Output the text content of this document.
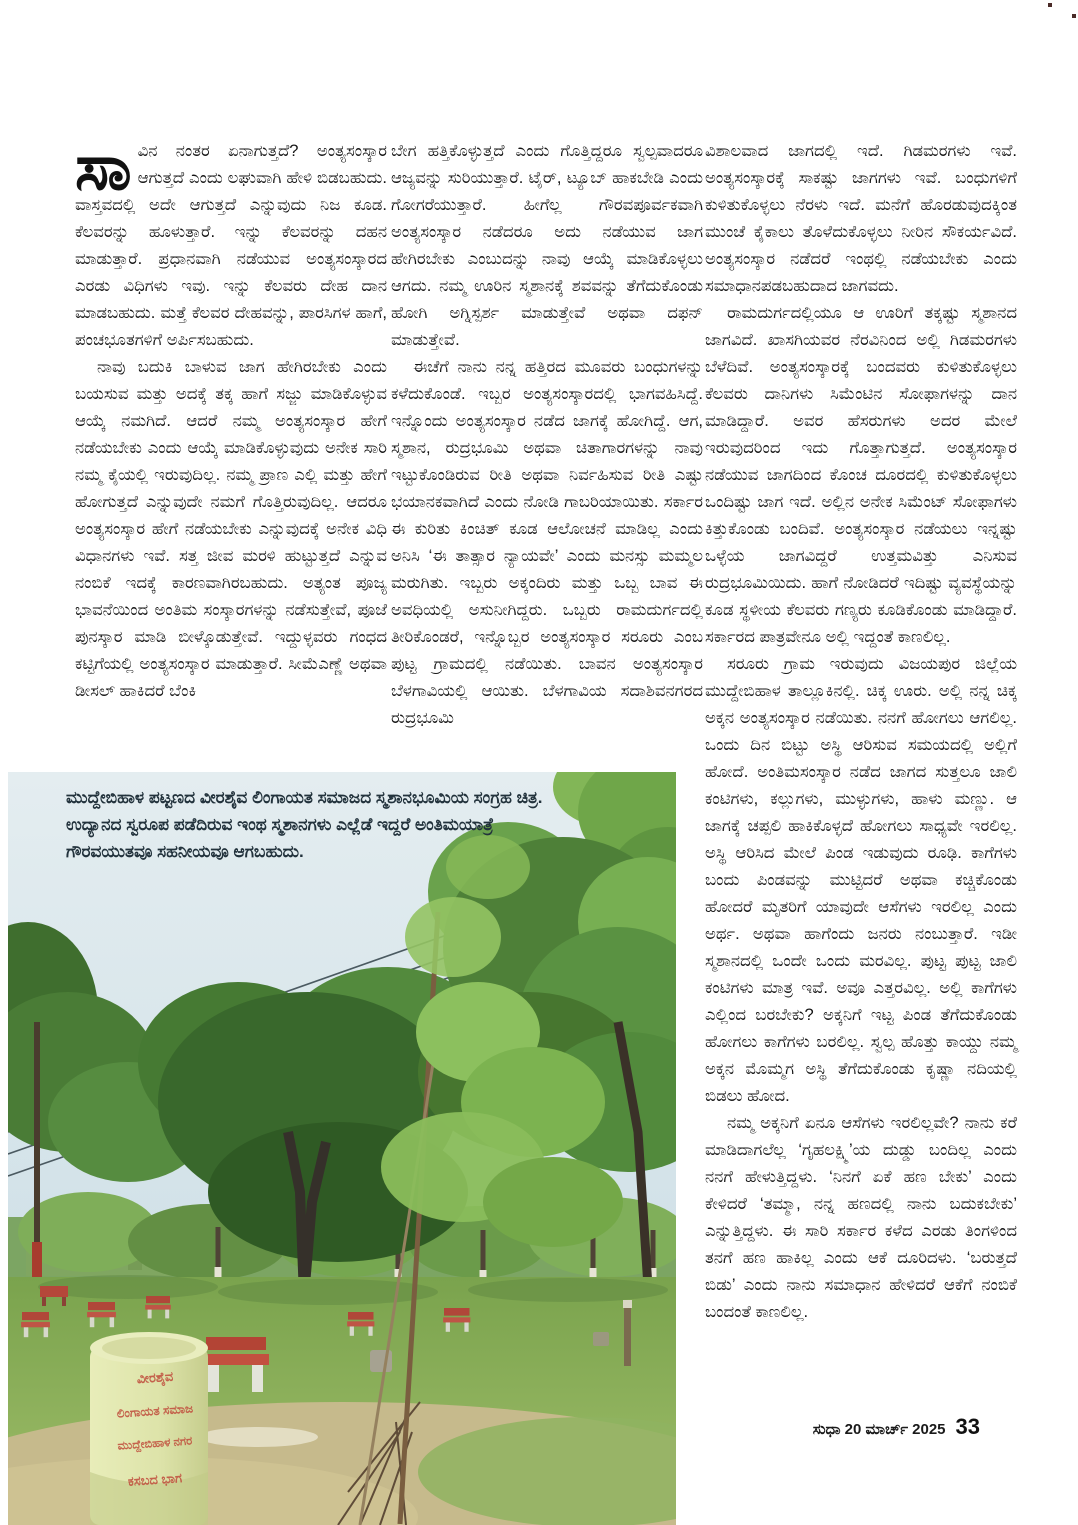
ಸಾವಿನ ನಂತರ ಏನಾಗುತ್ತದೆ? ಅಂತ್ಯಸಂಸ್ಕಾರ ಆಗುತ್ತದೆ ಎಂದು ಲಘುವಾಗಿ ಹೇಳಿ ಬಿಡಬಹುದು. ವಾಸ್ತವದಲ್ಲಿ ಅದೇ ಆಗುತ್ತದೆ ಎನ್ನುವುದು ನಿಜ ಕೂಡ. ಕೆಲವರನ್ನು ಹೂಳುತ್ತಾರೆ. ಇನ್ನು ಕೆಲವರನ್ನು ದಹನ ಮಾಡುತ್ತಾರೆ. ಪ್ರಧಾನವಾಗಿ ನಡೆಯುವ ಅಂತ್ಯಸಂಸ್ಕಾರದ ಎರಡು ವಿಧಿಗಳು ಇವು. ಇನ್ನು ಕೆಲವರು ದೇಹ ದಾನ ಮಾಡಬಹುದು. ಮತ್ತೆ ಕೆಲವರ ದೇಹವನ್ನು, ಪಾರಸಿಗಳ ಹಾಗೆ, ಪಂಚಭೂತಗಳಿಗೆ ಅರ್ಪಿಸಬಹುದು.

ನಾವು ಬದುಕಿ ಬಾಳುವ ಜಾಗ ಹೇಗಿರಬೇಕು ಎಂದು ಬಯಸುವ ಮತ್ತು ಅದಕ್ಕೆ ತಕ್ಕ ಹಾಗೆ ಸಜ್ಜು ಮಾಡಿಕೊಳ್ಳುವ ಆಯ್ಕೆ ನಮಗಿದೆ. ಆದರೆ ನಮ್ಮ ಅಂತ್ಯಸಂಸ್ಕಾರ ಹೇಗೆ ನಡೆಯಬೇಕು ಎಂದು ಆಯ್ಕೆ ಮಾಡಿಕೊಳ್ಳುವುದು ಅನೇಕ ಸಾರಿ ನಮ್ಮ ಕೈಯಲ್ಲಿ ಇರುವುದಿಲ್ಲ. ನಮ್ಮ ಪ್ರಾಣ ಎಲ್ಲಿ ಮತ್ತು ಹೇಗೆ ಹೋಗುತ್ತದೆ ಎನ್ನುವುದೇ ನಮಗೆ ಗೊತ್ತಿರುವುದಿಲ್ಲ. ಆದರೂ ಅಂತ್ಯಸಂಸ್ಕಾರ ಹೇಗೆ ನಡೆಯಬೇಕು ಎನ್ನುವುದಕ್ಕೆ ಅನೇಕ ವಿಧಿ ವಿಧಾನಗಳು ಇವೆ. ಸತ್ತ ಜೀವ ಮರಳಿ ಹುಟ್ಟುತ್ತದೆ ಎನ್ನುವ ನಂಬಿಕೆ ಇದಕ್ಕೆ ಕಾರಣವಾಗಿರಬಹುದು. ಅತ್ಯಂತ ಪೂಜ್ಯ ಭಾವನೆಯಿಂದ ಅಂತಿಮ ಸಂಸ್ಕಾರಗಳನ್ನು ನಡೆಸುತ್ತೇವೆ, ಪೂಜೆ ಪುನಸ್ಕಾರ ಮಾಡಿ ಬೀಳ್ಕೊಡುತ್ತೇವೆ. ಇದ್ದುಳ್ಳವರು ಗಂಧದ ಕಟ್ಟಿಗೆಯಲ್ಲಿ ಅಂತ್ಯಸಂಸ್ಕಾರ ಮಾಡುತ್ತಾರೆ. ಸೀಮೆಎಣ್ಣೆ ಅಥವಾ ಡೀಸಲ್ ಹಾಕಿದರೆ ಬೆಂಕಿ

ಬೇಗ ಹತ್ತಿಕೊಳ್ಳುತ್ತದೆ ಎಂದು ಗೊತ್ತಿದ್ದರೂ ಸ್ವಲ್ಪವಾದರೂ ಆಜ್ಯವನ್ನು ಸುರಿಯುತ್ತಾರೆ. ಟೈರ್, ಟ್ಯೂಬ್ ಹಾಕಬೇಡಿ ಎಂದು ಗೋಗರೆಯುತ್ತಾರೆ. ಹೀಗೆಲ್ಲ ಗೌರವಪೂರ್ವಕವಾಗಿ ಅಂತ್ಯಸಂಸ್ಕಾರ ನಡೆದರೂ ಅದು ನಡೆಯುವ ಜಾಗ ಹೇಗಿರಬೇಕು ಎಂಬುದನ್ನು ನಾವು ಆಯ್ಕೆ ಮಾಡಿಕೊಳ್ಳಲು ಆಗದು. ನಮ್ಮ ಊರಿನ ಸ್ಮಶಾನಕ್ಕೆ ಶವವನ್ನು ತೆಗೆದುಕೊಂಡು ಹೋಗಿ ಅಗ್ನಿಸ್ಪರ್ಶ ಮಾಡುತ್ತೇವೆ ಅಥವಾ ದಫನ್ ಮಾಡುತ್ತೇವೆ.

ಈಚೆಗೆ ನಾನು ನನ್ನ ಹತ್ತಿರದ ಮೂವರು ಬಂಧುಗಳನ್ನು ಕಳೆದುಕೊಂಡೆ. ಇಬ್ಬರ ಅಂತ್ಯಸಂಸ್ಕಾರದಲ್ಲಿ ಭಾಗವಹಿಸಿದ್ದೆ. ಇನ್ನೊಂದು ಅಂತ್ಯಸಂಸ್ಕಾರ ನಡೆದ ಜಾಗಕ್ಕೆ ಹೋಗಿದ್ದೆ. ಆಗ, ಸ್ಮಶಾನ, ರುದ್ರಭೂಮಿ ಅಥವಾ ಚಿತಾಗಾರಗಳನ್ನು ನಾವು ಇಟ್ಟುಕೊಂಡಿರುವ ರೀತಿ ಅಥವಾ ನಿರ್ವಹಿಸುವ ರೀತಿ ಎಷ್ಟು ಭಯಾನಕವಾಗಿದೆ ಎಂದು ನೋಡಿ ಗಾಬರಿಯಾಯಿತು. ಸರ್ಕಾರ ಈ ಕುರಿತು ಕಿಂಚಿತ್ ಕೂಡ ಆಲೋಚನೆ ಮಾಡಿಲ್ಲ ಎಂದು ಅನಿಸಿ ‘ಈ ತಾತ್ಸಾರ ನ್ಯಾಯವೇ’ ಎಂದು ಮನಸ್ಸು ಮಮ್ಮಲ ಮರುಗಿತು. ಇಬ್ಬರು ಅಕ್ಕಂದಿರು ಮತ್ತು ಒಬ್ಬ ಬಾವ ಈ ಅವಧಿಯಲ್ಲಿ ಅಸುನೀಗಿದ್ದರು. ಒಬ್ಬರು ರಾಮದುರ್ಗದಲ್ಲಿ ತೀರಿಕೊಂಡರೆ, ಇನ್ನೊಬ್ಬರ ಅಂತ್ಯಸಂಸ್ಕಾರ ಸರೂರು ಎಂಬ ಪುಟ್ಟ ಗ್ರಾಮದಲ್ಲಿ ನಡೆಯಿತು. ಬಾವನ ಅಂತ್ಯಸಂಸ್ಕಾರ ಬೆಳಗಾವಿಯಲ್ಲಿ ಆಯಿತು. ಬೆಳಗಾವಿಯ ಸದಾಶಿವನಗರದ ರುದ್ರಭೂಮಿ

ವಿಶಾಲವಾದ ಜಾಗದಲ್ಲಿ ಇದೆ. ಗಿಡಮರಗಳು ಇವೆ. ಅಂತ್ಯಸಂಸ್ಕಾರಕ್ಕೆ ಸಾಕಷ್ಟು ಜಾಗಗಳು ಇವೆ. ಬಂಧುಗಳಿಗೆ ಕುಳಿತುಕೊಳ್ಳಲು ನೆರಳು ಇದೆ. ಮನೆಗೆ ಹೊರಡುವುದಕ್ಕಿಂತ ಮುಂಚೆ ಕೈಕಾಲು ತೊಳೆದುಕೊಳ್ಳಲು ನೀರಿನ ಸೌಕರ್ಯವಿದೆ. ಅಂತ್ಯಸಂಸ್ಕಾರ ನಡೆದರೆ ಇಂಥಲ್ಲಿ ನಡೆಯಬೇಕು ಎಂದು ಸಮಾಧಾನಪಡಬಹುದಾದ ಜಾಗವದು.

ರಾಮದುರ್ಗದಲ್ಲಿಯೂ ಆ ಊರಿಗೆ ತಕ್ಕಷ್ಟು ಸ್ಮಶಾನದ ಜಾಗವಿದೆ. ಖಾಸಗಿಯವರ ನೆರವಿನಿಂದ ಅಲ್ಲಿ ಗಿಡಮರಗಳು ಬೆಳೆದಿವೆ. ಅಂತ್ಯಸಂಸ್ಕಾರಕ್ಕೆ ಬಂದವರು ಕುಳಿತುಕೊಳ್ಳಲು ಕೆಲವರು ದಾನಿಗಳು ಸಿಮೆಂಟಿನ ಸೋಫಾಗಳನ್ನು ದಾನ ಮಾಡಿದ್ದಾರೆ. ಅವರ ಹೆಸರುಗಳು ಅದರ ಮೇಲೆ ಇರುವುದರಿಂದ ಇದು ಗೊತ್ತಾಗುತ್ತದೆ. ಅಂತ್ಯಸಂಸ್ಕಾರ ನಡೆಯುವ ಜಾಗದಿಂದ ಕೊಂಚ ದೂರದಲ್ಲಿ ಕುಳಿತುಕೊಳ್ಳಲು ಒಂದಿಷ್ಟು ಜಾಗ ಇದೆ. ಅಲ್ಲಿನ ಅನೇಕ ಸಿಮೆಂಟ್ ಸೋಫಾಗಳು ಕಿತ್ತುಕೊಂಡು ಬಂದಿವೆ. ಅಂತ್ಯಸಂಸ್ಕಾರ ನಡೆಯಲು ಇನ್ನಷ್ಟು ಒಳ್ಳೆಯ ಜಾಗವಿದ್ದರೆ ಉತ್ತಮವಿತ್ತು ಎನಿಸುವ ರುದ್ರಭೂಮಿಯಿದು. ಹಾಗೆ ನೋಡಿದರೆ ಇದಿಷ್ಟು ವ್ಯವಸ್ಥೆಯನ್ನು ಕೂಡ ಸ್ಥಳೀಯ ಕೆಲವರು ಗಣ್ಯರು ಕೂಡಿಕೊಂಡು ಮಾಡಿದ್ದಾರೆ. ಸರ್ಕಾರದ ಪಾತ್ರವೇನೂ ಅಲ್ಲಿ ಇದ್ದಂತೆ ಕಾಣಲಿಲ್ಲ.

ಸರೂರು ಗ್ರಾಮ ಇರುವುದು ವಿಜಯಪುರ ಜಿಲ್ಲೆಯ ಮುದ್ದೇಬಿಹಾಳ ತಾಲ್ಲೂಕಿನಲ್ಲಿ. ಚಿಕ್ಕ ಊರು. ಅಲ್ಲಿ ನನ್ನ ಚಿಕ್ಕ ಅಕ್ಕನ ಅಂತ್ಯಸಂಸ್ಕಾರ ನಡೆಯಿತು. ನನಗೆ ಹೋಗಲು ಆಗಲಿಲ್ಲ. ಒಂದು ದಿನ ಬಿಟ್ಟು ಅಸ್ಥಿ ಆರಿಸುವ ಸಮಯದಲ್ಲಿ ಅಲ್ಲಿಗೆ ಹೋದೆ. ಅಂತಿಮಸಂಸ್ಕಾರ ನಡೆದ ಜಾಗದ ಸುತ್ತಲೂ ಜಾಲಿ ಕಂಟಿಗಳು, ಕಲ್ಲುಗಳು, ಮುಳ್ಳುಗಳು, ಹಾಳು ಮಣ್ಣು. ಆ ಜಾಗಕ್ಕೆ ಚಪ್ಪಲಿ ಹಾಕಿಕೊಳ್ಳದೆ ಹೋಗಲು ಸಾಧ್ಯವೇ ಇರಲಿಲ್ಲ. ಅಸ್ಥಿ ಆರಿಸಿದ ಮೇಲೆ ಪಿಂಡ ಇಡುವುದು ರೂಢಿ. ಕಾಗೆಗಳು ಬಂದು ಪಿಂಡವನ್ನು ಮುಟ್ಟಿದರೆ ಅಥವಾ ಕಚ್ಚಿಕೊಂಡು ಹೋದರೆ ಮೃತರಿಗೆ ಯಾವುದೇ ಆಸೆಗಳು ಇರಲಿಲ್ಲ ಎಂದು ಅರ್ಥ. ಅಥವಾ ಹಾಗೆಂದು ಜನರು ನಂಬುತ್ತಾರೆ. ಇಡೀ ಸ್ಮಶಾನದಲ್ಲಿ ಒಂದೇ ಒಂದು ಮರವಿಲ್ಲ. ಪುಟ್ಟ ಪುಟ್ಟ ಜಾಲಿ ಕಂಟಿಗಳು ಮಾತ್ರ ಇವೆ. ಅವೂ ಎತ್ತರವಿಲ್ಲ. ಅಲ್ಲಿ ಕಾಗೆಗಳು ಎಲ್ಲಿಂದ ಬರಬೇಕು? ಅಕ್ಕನಿಗೆ ಇಟ್ಟ ಪಿಂಡ ತೆಗೆದುಕೊಂಡು ಹೋಗಲು ಕಾಗೆಗಳು ಬರಲಿಲ್ಲ. ಸ್ವಲ್ಪ ಹೊತ್ತು ಕಾಯ್ದು ನಮ್ಮ ಅಕ್ಕನ ಮೊಮ್ಮಗ ಅಸ್ಥಿ ತೆಗೆದುಕೊಂಡು ಕೃಷ್ಣಾ ನದಿಯಲ್ಲಿ ಬಿಡಲು ಹೋದ.

ನಮ್ಮ ಅಕ್ಕನಿಗೆ ಏನೂ ಆಸೆಗಳು ಇರಲಿಲ್ಲವೇ? ನಾನು ಕರೆ ಮಾಡಿದಾಗಲೆಲ್ಲ ‘ಗೃಹಲಕ್ಷ್ಮಿ’ಯ ದುಡ್ಡು ಬಂದಿಲ್ಲ ಎಂದು ನನಗೆ ಹೇಳುತ್ತಿದ್ದಳು. ‘ನಿನಗೆ ಏಕೆ ಹಣ ಬೇಕು’ ಎಂದು ಕೇಳಿದರೆ ‘ತಮ್ಮಾ, ನನ್ನ ಹಣದಲ್ಲಿ ನಾನು ಬದುಕಬೇಕು’ ಎನ್ನುತ್ತಿದ್ದಳು. ಈ ಸಾರಿ ಸರ್ಕಾರ ಕಳೆದ ಎರಡು ತಿಂಗಳಿಂದ ತನಗೆ ಹಣ ಹಾಕಿಲ್ಲ ಎಂದು ಆಕೆ ದೂರಿದಳು. ‘ಬರುತ್ತದೆ ಬಿಡು’ ಎಂದು ನಾನು ಸಮಾಧಾನ ಹೇಳಿದರೆ ಆಕೆಗೆ ನಂಬಿಕೆ ಬಂದಂತೆ ಕಾಣಲಿಲ್ಲ.

ಮುದ್ದೇಬಿಹಾಳ ಪಟ್ಟಣದ ವೀರಶೈವ ಲಿಂಗಾಯತ ಸಮಾಜದ ಸ್ಮಶಾನಭೂಮಿಯ ಸಂಗ್ರಹ ಚಿತ್ರ. ಉದ್ಯಾನದ ಸ್ವರೂಪ ಪಡೆದಿರುವ ಇಂಥ ಸ್ಮಶಾನಗಳು ಎಲ್ಲೆಡೆ ಇದ್ದರೆ ಅಂತಿಮಯಾತ್ರೆ ಗೌರವಯುತವೂ ಸಹನೀಯವೂ ಆಗಬಹುದು.
ವೀರಶೈವ
ಲಿಂಗಾಯತ ಸಮಾಜ
ಮುದ್ದೇಬಿಹಾಳ ನಗರ
ಕಸಬದ ಭಾಗ
ಸುಧಾ 20 ಮಾರ್ಚ್ 2025 33
